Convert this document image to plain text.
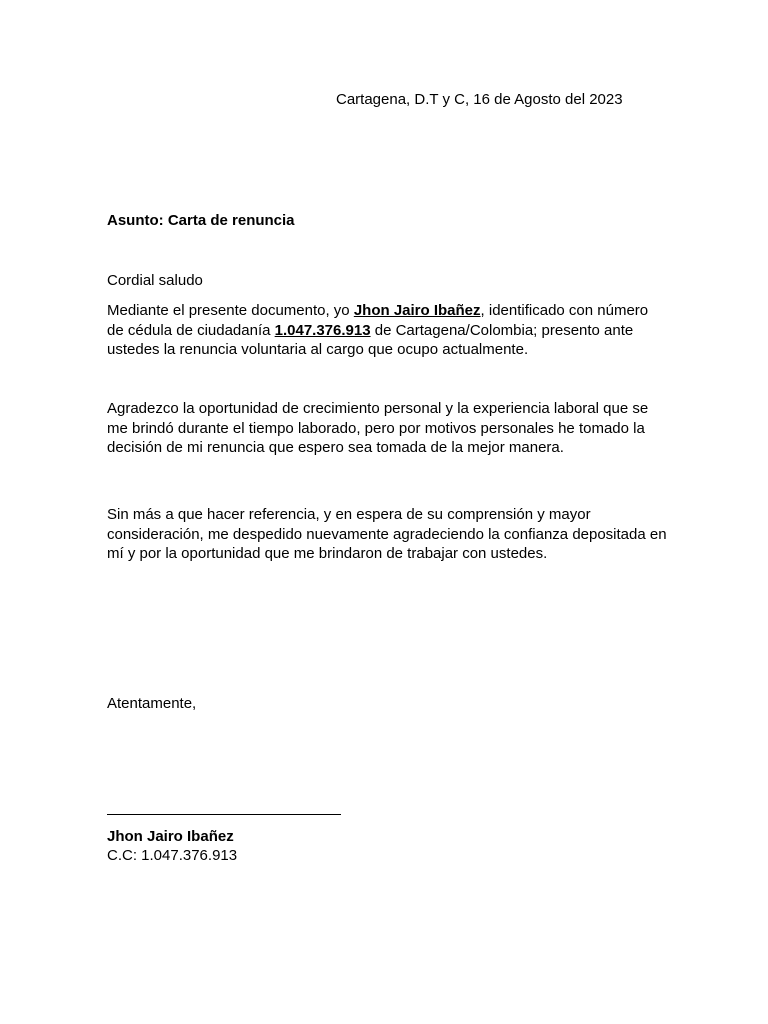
Cartagena, D.T y C, 16 de Agosto del 2023
Asunto: Carta de renuncia
Cordial saludo

Mediante el presente documento, yo Jhon Jairo Ibañez, identificado con número de cédula de ciudadanía 1.047.376.913 de Cartagena/Colombia; presento ante ustedes la renuncia voluntaria al cargo que ocupo actualmente.

Agradezco la oportunidad de crecimiento personal y la experiencia laboral que se me brindó durante el tiempo laborado, pero por motivos personales he tomado la decisión de mi renuncia que espero sea tomada de la mejor manera.

Sin más a que hacer referencia, y en espera de su comprensión y mayor consideración, me despedido nuevamente agradeciendo la confianza depositada en mí y por la oportunidad que me brindaron de trabajar con ustedes.

Atentamente,
Jhon Jairo Ibañez
C.C: 1.047.376.913
